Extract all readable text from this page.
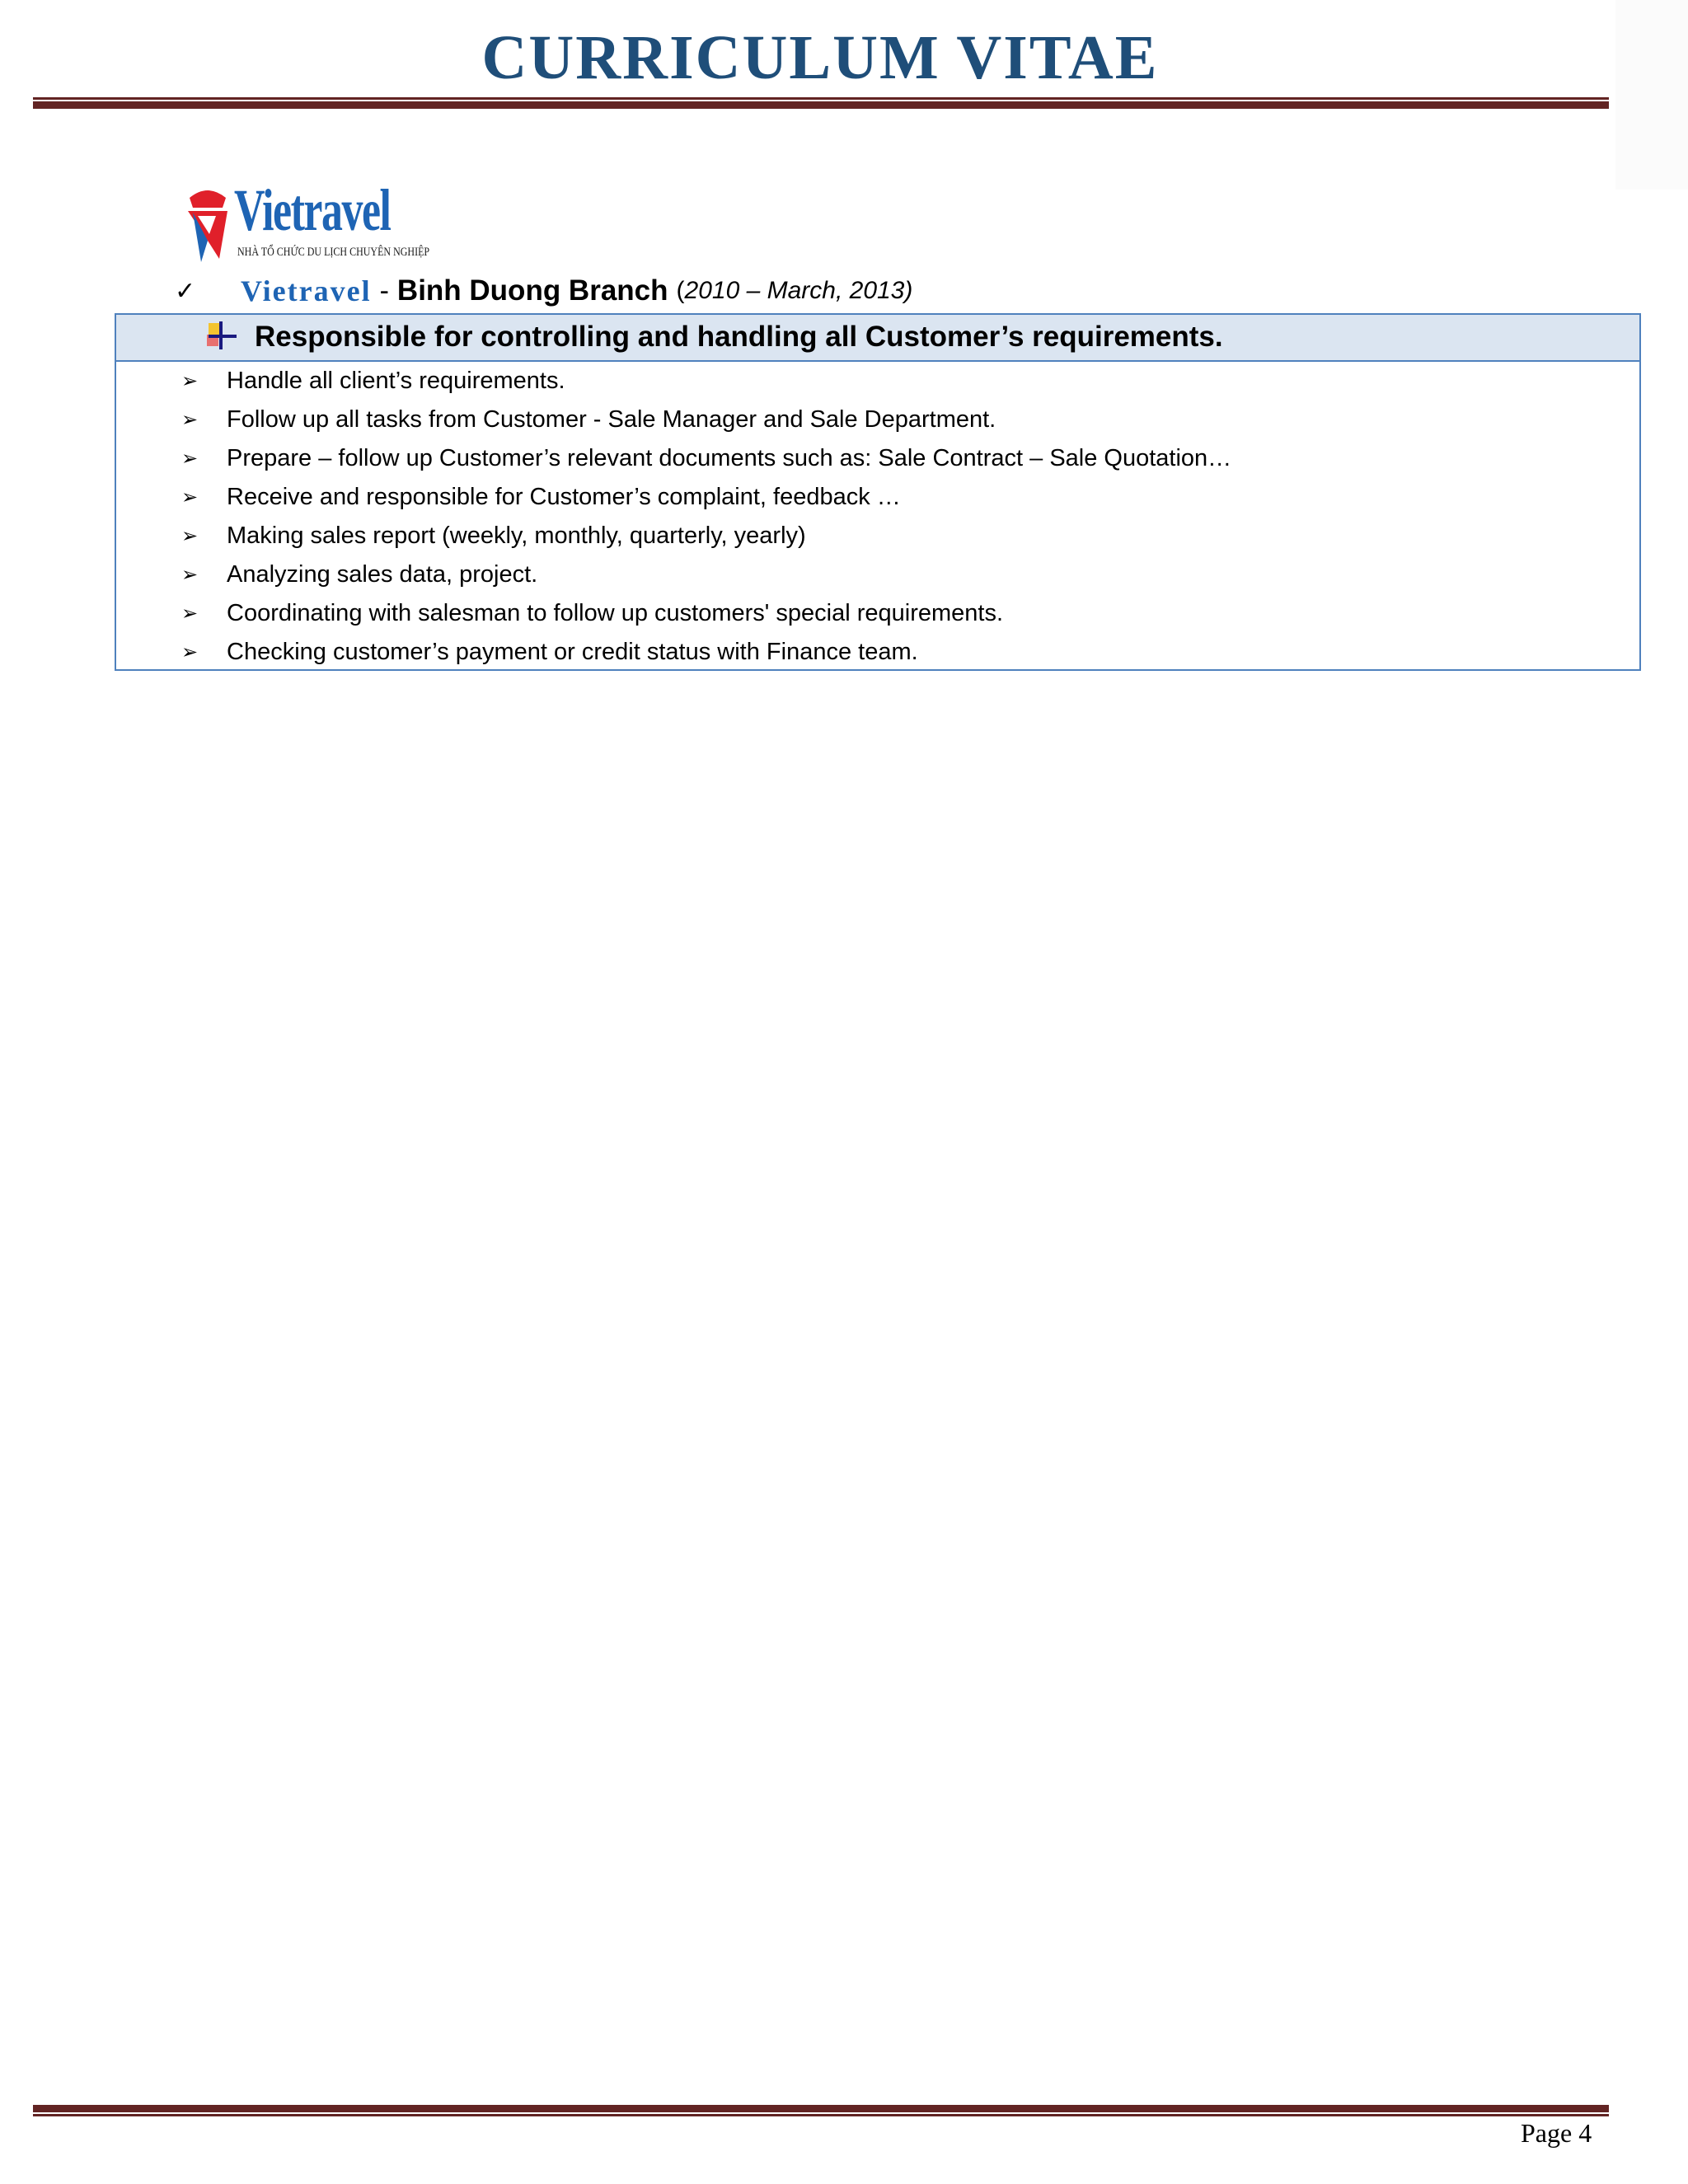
CURRICULUM VITAE
Vietravel
NHÀ TỔ CHỨC DU LỊCH CHUYÊN NGHIỆP
✓	Vietravel - Binh Duong Branch (2010 – March, 2013)
Responsible for controlling and handling all Customer’s requirements.
➢	Handle all client’s requirements.
➢	Follow up all tasks from Customer - Sale Manager and Sale Department.
➢	Prepare – follow up Customer’s relevant documents such as: Sale Contract – Sale Quotation…
➢	Receive and responsible for Customer’s complaint, feedback …
➢	Making sales report (weekly, monthly, quarterly, yearly)
➢	Analyzing sales data, project.
➢	Coordinating with salesman to follow up customers' special requirements.
➢	Checking customer’s payment or credit status with Finance team.
Page 4
